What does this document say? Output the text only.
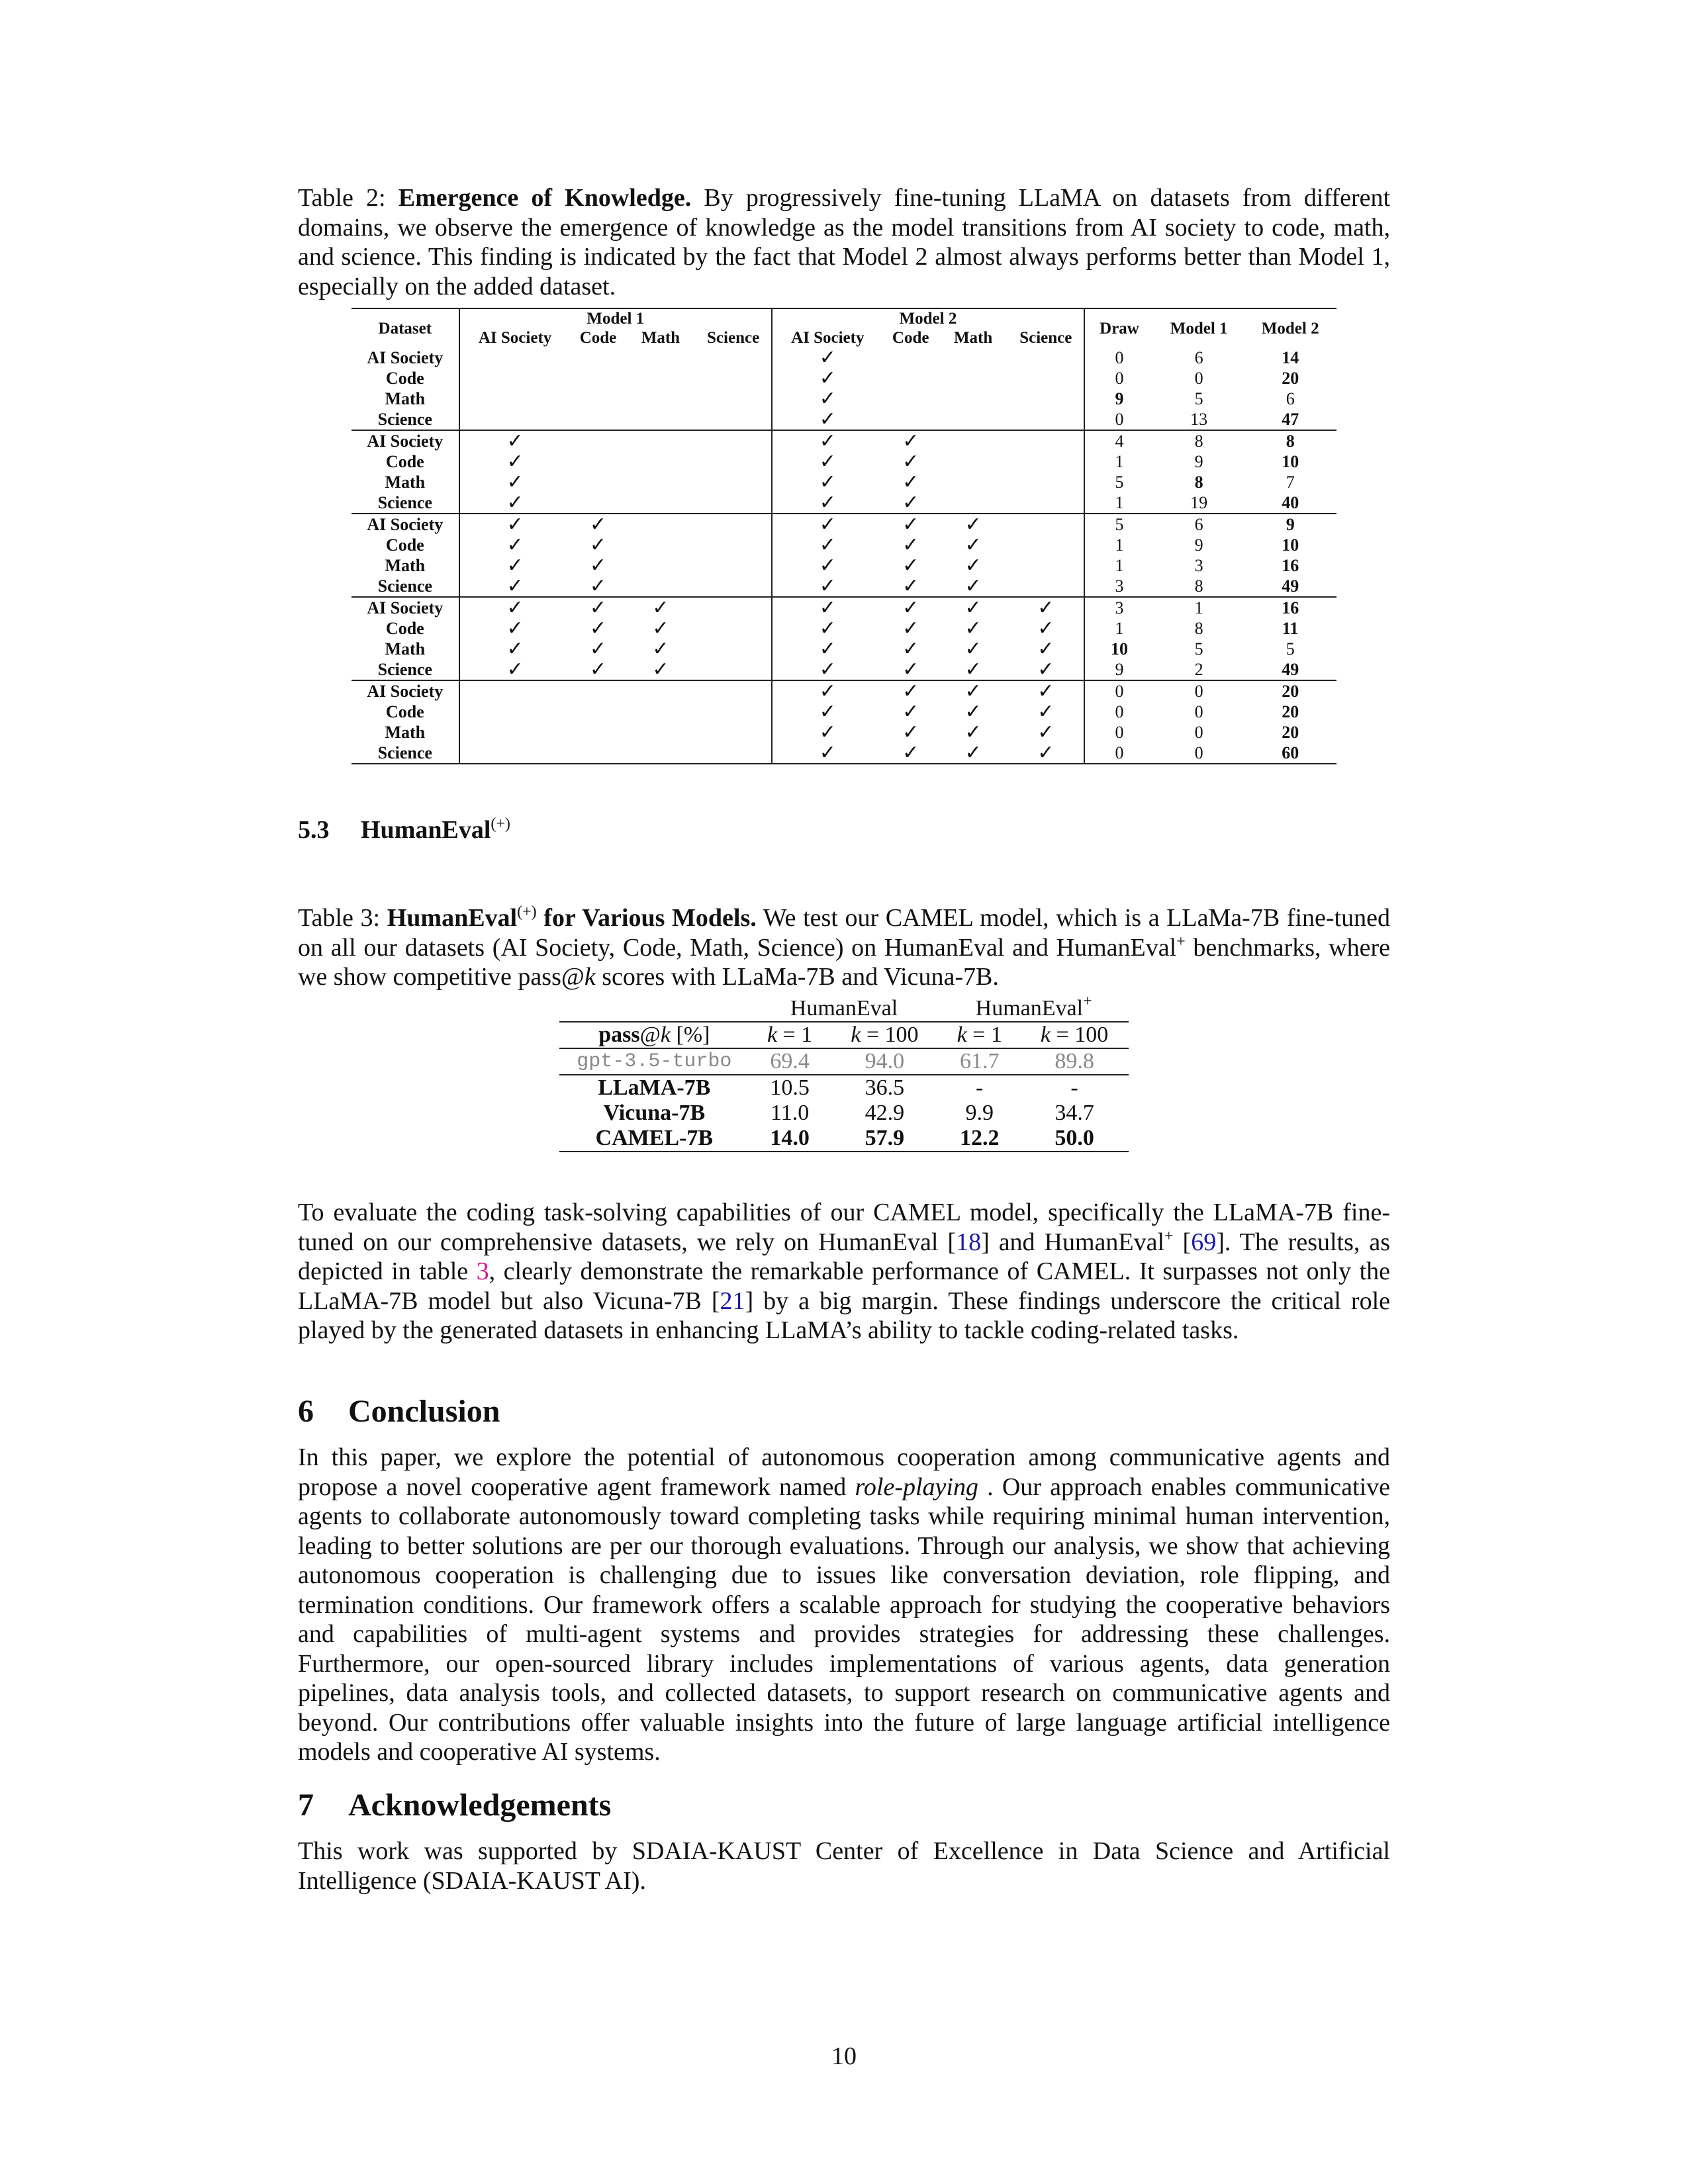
Table 2: Emergence of Knowledge. By progressively fine-tuning LLaMA on datasets from different domains, we observe the emergence of knowledge as the model transitions from AI society to code, math, and science. This finding is indicated by the fact that Model 2 almost always performs better than Model 1, especially on the added dataset.

Dataset	Model 1				Model 2				Draw	Model 1	Model 2
	AI Society	Code	Math	Science	AI Society	Code	Math	Science			
AI Society					✓				0	6	14
Code					✓				0	0	20
Math					✓				9	5	6
Science					✓				0	13	47
AI Society	✓				✓	✓			4	8	8
Code	✓				✓	✓			1	9	10
Math	✓				✓	✓			5	8	7
Science	✓				✓	✓			1	19	40
AI Society	✓	✓			✓	✓	✓		5	6	9
Code	✓	✓			✓	✓	✓		1	9	10
Math	✓	✓			✓	✓	✓		1	3	16
Science	✓	✓			✓	✓	✓		3	8	49
AI Society	✓	✓	✓		✓	✓	✓	✓	3	1	16
Code	✓	✓	✓		✓	✓	✓	✓	1	8	11
Math	✓	✓	✓		✓	✓	✓	✓	10	5	5
Science	✓	✓	✓		✓	✓	✓	✓	9	2	49
AI Society					✓	✓	✓	✓	0	0	20
Code					✓	✓	✓	✓	0	0	20
Math					✓	✓	✓	✓	0	0	20
Science					✓	✓	✓	✓	0	0	60
5.3 HumanEval(+)

Table 3: HumanEval(+) for Various Models. We test our CAMEL model, which is a LLaMa-7B fine-tuned on all our datasets (AI Society, Code, Math, Science) on HumanEval and HumanEval+ benchmarks, where we show competitive pass@k scores with LLaMa-7B and Vicuna-7B.

	HumanEval		HumanEval+
pass@k [%]	k = 1	k = 100	k = 1	k = 100
gpt-3.5-turbo	69.4	94.0	61.7	89.8
LLaMA-7B	10.5	36.5	-	-
Vicuna-7B	11.0	42.9	9.9	34.7
CAMEL-7B	14.0	57.9	12.2	50.0

To evaluate the coding task-solving capabilities of our CAMEL model, specifically the LLaMA-7B fine-tuned on our comprehensive datasets, we rely on HumanEval [18] and HumanEval+ [69]. The results, as depicted in table 3, clearly demonstrate the remarkable performance of CAMEL. It surpasses not only the LLaMA-7B model but also Vicuna-7B [21] by a big margin. These findings underscore the critical role played by the generated datasets in enhancing LLaMA’s ability to tackle coding-related tasks.

6 Conclusion

In this paper, we explore the potential of autonomous cooperation among communicative agents and propose a novel cooperative agent framework named role-playing . Our approach enables communicative agents to collaborate autonomously toward completing tasks while requiring minimal human intervention, leading to better solutions are per our thorough evaluations. Through our analysis, we show that achieving autonomous cooperation is challenging due to issues like conversation deviation, role flipping, and termination conditions. Our framework offers a scalable approach for studying the cooperative behaviors and capabilities of multi-agent systems and provides strategies for addressing these challenges. Furthermore, our open-sourced library includes implementations of various agents, data generation pipelines, data analysis tools, and collected datasets, to support research on communicative agents and beyond. Our contributions offer valuable insights into the future of large language artificial intelligence models and cooperative AI systems.

7 Acknowledgements

This work was supported by SDAIA-KAUST Center of Excellence in Data Science and Artificial Intelligence (SDAIA-KAUST AI).

10
